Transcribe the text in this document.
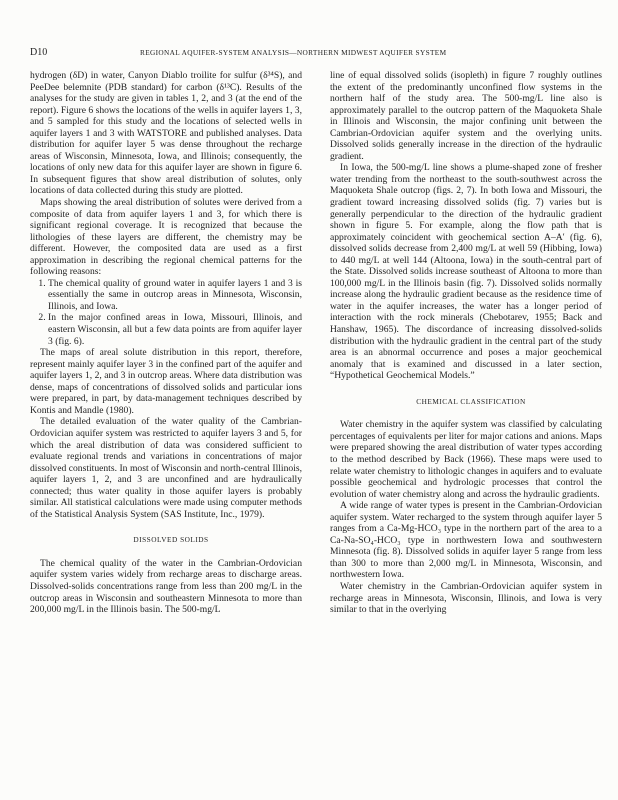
D10	REGIONAL AQUIFER-SYSTEM ANALYSIS—NORTHERN MIDWEST AQUIFER SYSTEM

hydrogen (δD) in water, Canyon Diablo troilite for sulfur (δ³⁴S), and PeeDee belemnite (PDB standard) for carbon (δ¹³C). Results of the analyses for the study are given in tables 1, 2, and 3 (at the end of the report). Figure 6 shows the locations of the wells in aquifer layers 1, 3, and 5 sampled for this study and the locations of selected wells in aquifer layers 1 and 3 with WATSTORE and published analyses. Data distribution for aquifer layer 5 was dense throughout the recharge areas of Wisconsin, Minnesota, Iowa, and Illinois; consequently, the locations of only new data for this aquifer layer are shown in figure 6. In subsequent figures that show areal distribution of solutes, only locations of data collected during this study are plotted.

Maps showing the areal distribution of solutes were derived from a composite of data from aquifer layers 1 and 3, for which there is significant regional coverage. It is recognized that because the lithologies of these layers are different, the chemistry may be different. However, the composited data are used as a first approximation in describing the regional chemical patterns for the following reasons:

1. The chemical quality of ground water in aquifer layers 1 and 3 is essentially the same in outcrop areas in Minnesota, Wisconsin, Illinois, and Iowa.
2. In the major confined areas in Iowa, Missouri, Illinois, and eastern Wisconsin, all but a few data points are from aquifer layer 3 (fig. 6).

The maps of areal solute distribution in this report, therefore, represent mainly aquifer layer 3 in the confined part of the aquifer and aquifer layers 1, 2, and 3 in outcrop areas. Where data distribution was dense, maps of concentrations of dissolved solids and particular ions were prepared, in part, by data-management techniques described by Kontis and Mandle (1980).

The detailed evaluation of the water quality of the Cambrian-Ordovician aquifer system was restricted to aquifer layers 3 and 5, for which the areal distribution of data was considered sufficient to evaluate regional trends and variations in concentrations of major dissolved constituents. In most of Wisconsin and north-central Illinois, aquifer layers 1, 2, and 3 are unconfined and are hydraulically connected; thus water quality in those aquifer layers is probably similar. All statistical calculations were made using computer methods of the Statistical Analysis System (SAS Institute, Inc., 1979).

DISSOLVED SOLIDS

The chemical quality of the water in the Cambrian-Ordovician aquifer system varies widely from recharge areas to discharge areas. Dissolved-solids concentrations range from less than 200 mg/L in the outcrop areas in Wisconsin and southeastern Minnesota to more than 200,000 mg/L in the Illinois basin. The 500-mg/L

line of equal dissolved solids (isopleth) in figure 7 roughly outlines the extent of the predominantly unconfined flow systems in the northern half of the study area. The 500-mg/L line also is approximately parallel to the outcrop pattern of the Maquoketa Shale in Illinois and Wisconsin, the major confining unit between the Cambrian-Ordovician aquifer system and the overlying units. Dissolved solids generally increase in the direction of the hydraulic gradient.

In Iowa, the 500-mg/L line shows a plume-shaped zone of fresher water trending from the northeast to the south-southwest across the Maquoketa Shale outcrop (figs. 2, 7). In both Iowa and Missouri, the gradient toward increasing dissolved solids (fig. 7) varies but is generally perpendicular to the direction of the hydraulic gradient shown in figure 5. For example, along the flow path that is approximately coincident with geochemical section A–A′ (fig. 6), dissolved solids decrease from 2,400 mg/L at well 59 (Hibbing, Iowa) to 440 mg/L at well 144 (Altoona, Iowa) in the south-central part of the State. Dissolved solids increase southeast of Altoona to more than 100,000 mg/L in the Illinois basin (fig. 7). Dissolved solids normally increase along the hydraulic gradient because as the residence time of water in the aquifer increases, the water has a longer period of interaction with the rock minerals (Chebotarev, 1955; Back and Hanshaw, 1965). The discordance of increasing dissolved-solids distribution with the hydraulic gradient in the central part of the study area is an abnormal occurrence and poses a major geochemical anomaly that is examined and discussed in a later section, “Hypothetical Geochemical Models.”

CHEMICAL CLASSIFICATION

Water chemistry in the aquifer system was classified by calculating percentages of equivalents per liter for major cations and anions. Maps were prepared showing the areal distribution of water types according to the method described by Back (1966). These maps were used to relate water chemistry to lithologic changes in aquifers and to evaluate possible geochemical and hydrologic processes that control the evolution of water chemistry along and across the hydraulic gradients.

A wide range of water types is present in the Cambrian-Ordovician aquifer system. Water recharged to the system through aquifer layer 5 ranges from a Ca-Mg-HCO₃ type in the northern part of the area to a Ca-Na-SO₄-HCO₃ type in northwestern Iowa and southwestern Minnesota (fig. 8). Dissolved solids in aquifer layer 5 range from less than 300 to more than 2,000 mg/L in Minnesota, Wisconsin, and northwestern Iowa.

Water chemistry in the Cambrian-Ordovician aquifer system in recharge areas in Minnesota, Wisconsin, Illinois, and Iowa is very similar to that in the overlying
